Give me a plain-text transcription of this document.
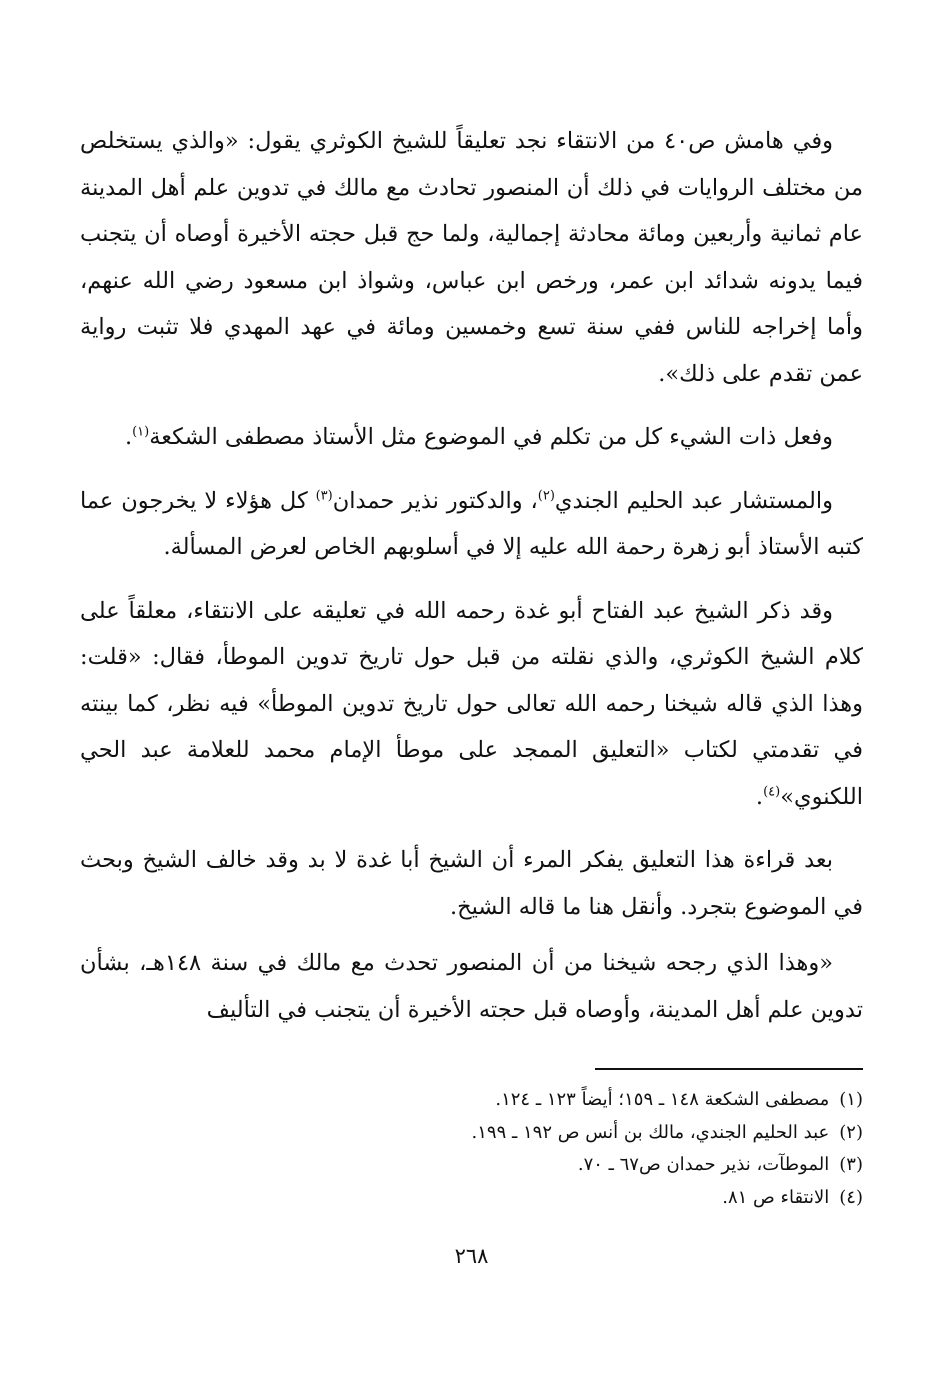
وفي هامش ص٤٠ من الانتقاء نجد تعليقاً للشيخ الكوثري يقول: «والذي يستخلص من مختلف الروايات في ذلك أن المنصور تحادث مع مالك في تدوين علم أهل المدينة عام ثمانية وأربعين ومائة محادثة إجمالية، ولما حج قبل حجته الأخيرة أوصاه أن يتجنب فيما يدونه شدائد ابن عمر، ورخص ابن عباس، وشواذ ابن مسعود رضي الله عنهم، وأما إخراجه للناس ففي سنة تسع وخمسين ومائة في عهد المهدي فلا تثبت رواية عمن تقدم على ذلك».

وفعل ذات الشيء كل من تكلم في الموضوع مثل الأستاذ مصطفى الشكعة$^{(١)}$.

والمستشار عبد الحليم الجندي$^{(٢)}$، والدكتور نذير حمدان$^{(٣)}$ كل هؤلاء لا يخرجون عما كتبه الأستاذ أبو زهرة رحمة الله عليه إلا في أسلوبهم الخاص لعرض المسألة.

وقد ذكر الشيخ عبد الفتاح أبو غدة رحمه الله في تعليقه على الانتقاء، معلقاً على كلام الشيخ الكوثري، والذي نقلته من قبل حول تاريخ تدوين الموطأ، فقال: «قلت: وهذا الذي قاله شيخنا رحمه الله تعالى حول تاريخ تدوين الموطأ» فيه نظر، كما بينته في تقدمتي لكتاب «التعليق الممجد على موطأ الإمام محمد للعلامة عبد الحي اللكنوي»$^{(٤)}$.

بعد قراءة هذا التعليق يفكر المرء أن الشيخ أبا غدة لا بد وقد خالف الشيخ وبحث في الموضوع بتجرد. وأنقل هنا ما قاله الشيخ.

«وهذا الذي رجحه شيخنا من أن المنصور تحدث مع مالك في سنة ١٤٨هـ، بشأن تدوين علم أهل المدينة، وأوصاه قبل حجته الأخيرة أن يتجنب في التأليف

(١)مصطفى الشكعة ١٤٨ ـ ١٥٩؛ أيضاً ١٢٣ ـ ١٢٤.
(٢)عبد الحليم الجندي، مالك بن أنس ص ١٩٢ ـ ١٩٩.
(٣)الموطآت، نذير حمدان ص٦٧ ـ ٧٠.
(٤)الانتقاء ص ٨١.
٢٦٨
